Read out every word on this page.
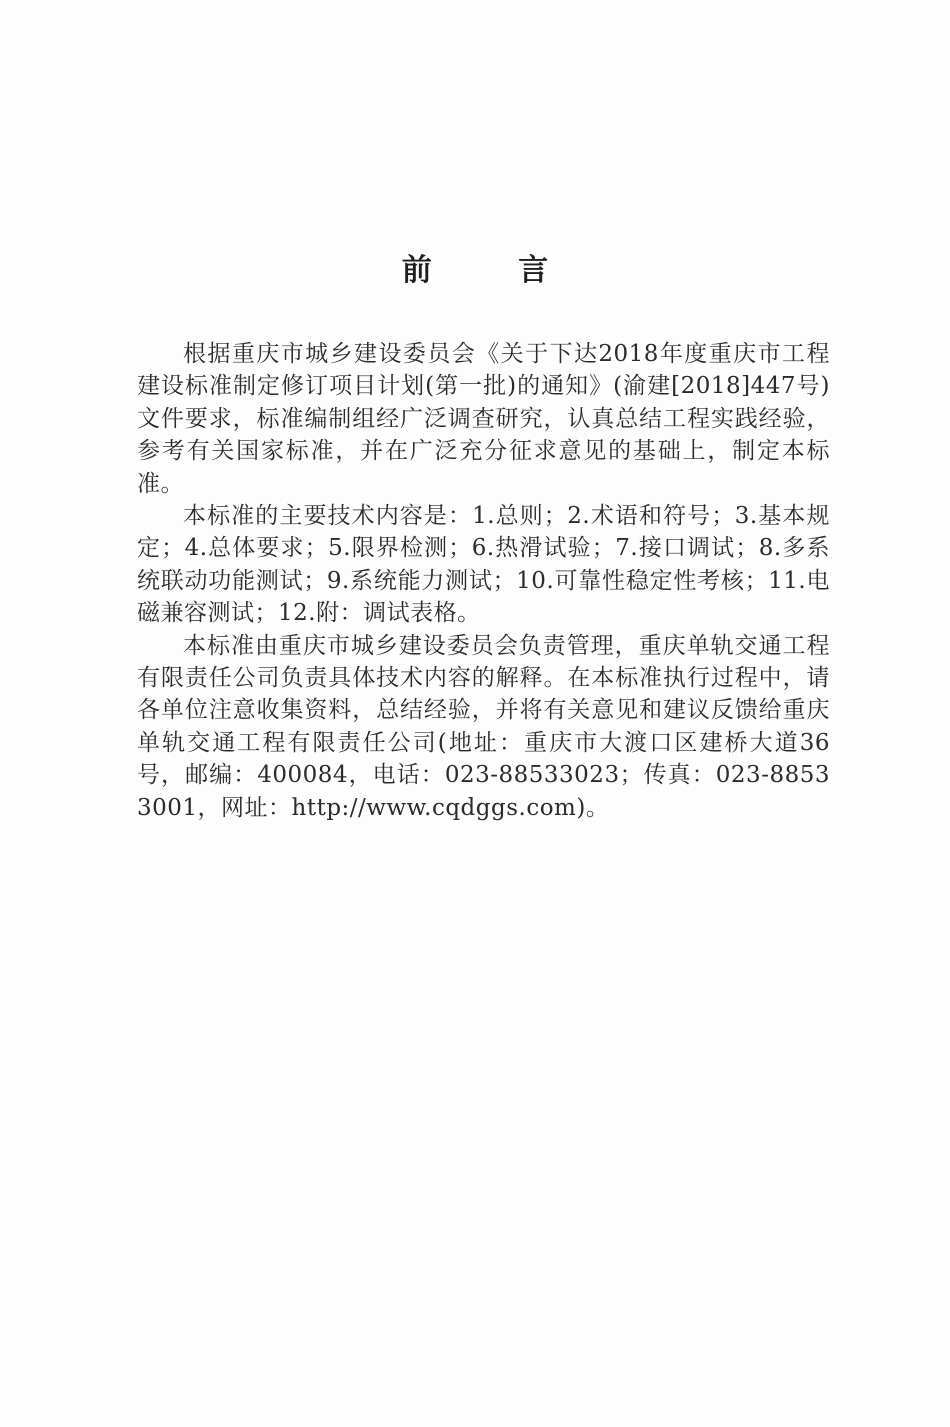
前 言

根据重庆市城乡建设委员会《关于下达2018年度重庆市工程建设标准制定修订项目计划(第一批)的通知》(渝建[2018]447号)文件要求，标准编制组经广泛调查研究，认真总结工程实践经验，参考有关国家标准，并在广泛充分征求意见的基础上，制定本标准。

本标准的主要技术内容是：1.总则；2.术语和符号；3.基本规定；4.总体要求；5.限界检测；6.热滑试验；7.接口调试；8.多系统联动功能测试；9.系统能力测试；10.可靠性稳定性考核；11.电磁兼容测试；12.附：调试表格。

本标准由重庆市城乡建设委员会负责管理，重庆单轨交通工程有限责任公司负责具体技术内容的解释。在本标准执行过程中，请各单位注意收集资料，总结经验，并将有关意见和建议反馈给重庆单轨交通工程有限责任公司(地址：重庆市大渡口区建桥大道36号，邮编：400084，电话：023-88533023；传真：023-88533001，网址：http://www.cqdggs.com)。
